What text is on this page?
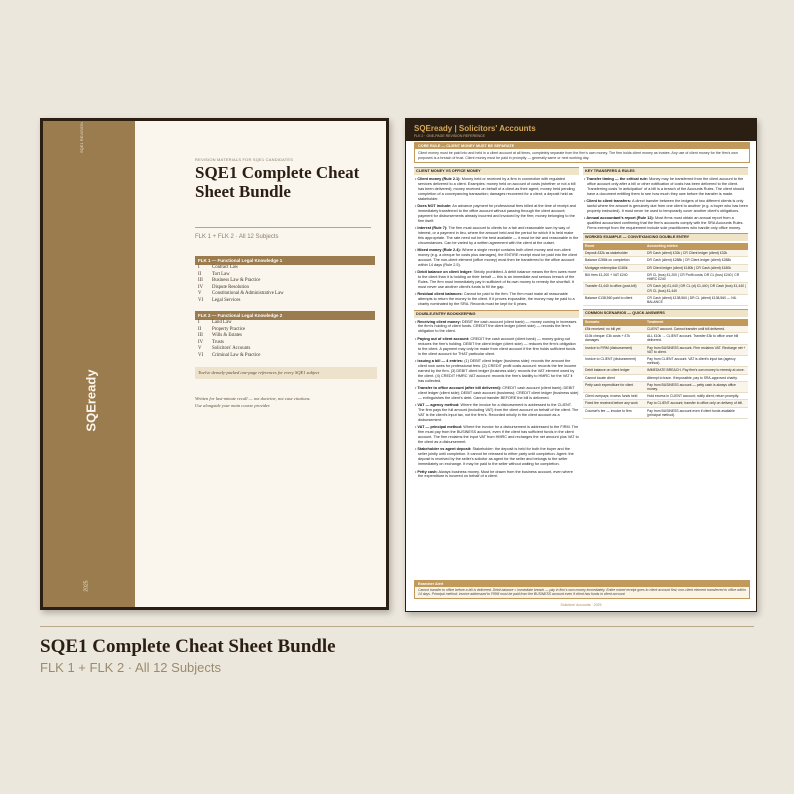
SQE1 REVISION
SQEready
2025
REVISION MATERIALS FOR SQE1 CANDIDATES
SQE1 Complete Cheat Sheet Bundle
FLK 1 + FLK 2 · All 12 Subjects
FLK 1 — Functional Legal Knowledge 1
I	Contract Law
II	Tort Law
III	Business Law & Practice
IV	Dispute Resolution
V	Constitutional & Administrative Law
VI	Legal Services
FLK 2 — Functional Legal Knowledge 2
I	Land Law
II	Property Practice
III	Wills & Estates
IV	Trusts
V	Solicitors' Accounts
VI	Criminal Law & Practice
Twelve densely-packed one-page references for every SQE1 subject
Written for last-minute recall — not doctrine, not case citations.
Use alongside your main course provider.
SQEready | Solicitors' Accounts
FLK 2 · ONE-PAGE REVISION REFERENCE
CORE RULE — CLIENT MONEY MUST BE SEPARATE
Client money must be paid into and held in a client account at all times, completely separate from the firm's own money. The firm holds client money as trustee. Any use of client money for the firm's own purposes is a breach of trust. Client money must be paid in promptly — generally same or next working day.
CLIENT MONEY VS OFFICE MONEY
• Client money (Rule 2.1): Money held or received by a firm in connection with regulated services delivered to a client. Examples: money held on account of costs (whether or not a bill has been delivered); money received on behalf of a client as their agent; money held pending completion of a conveyancing transaction; damages recovered for a client; a deposit held as stakeholder.
• Does NOT include: An advance payment for professional fees billed at the time of receipt and immediately transferred to the office account without passing through the client account; payment for disbursements already incurred and invoiced by the firm; money belonging to the firm itself.
• Interest (Rule 7): The firm must account to clients for a fair and reasonable sum by way of interest, or a payment in lieu, where the amount held and the period for which it is held make this appropriate. The rate need not be the best available — it must be fair and reasonable in the circumstances. Can be varied by a written agreement with the client at the outset.
• Mixed money (Rule 2.4): Where a single receipt contains both client money and non-client money (e.g. a cheque for costs plus damages), the ENTIRE receipt must be paid into the client account. The non-client element (office money) must then be transferred to the office account within 14 days (Rule 2.5).
• Debit balance on client ledger: Strictly prohibited. A debit balance means the firm owes more to the client than it is holding on their behalf — this is an immediate and serious breach of the Rules. The firm must immediately pay in sufficient of its own money to remedy the shortfall. It must never use another client's funds to fill the gap.
• Residual client balances: Cannot be paid to the firm. The firm must make all reasonable attempts to return the money to the client. If it proves impossible, the money may be paid to a charity nominated by the SRA. Records must be kept for 6 years.
DOUBLE-ENTRY BOOKKEEPING
• Receiving client money: DEBIT the cash account (client bank) — money coming in increases the firm's holding of client funds. CREDIT the client ledger (client side) — records the firm's obligation to the client.
• Paying out of client account: CREDIT the cash account (client bank) — money going out reduces the firm's holding. DEBIT the client ledger (client side) — reduces the firm's obligation to the client. A payment may only be made from client account if the firm holds sufficient funds in the client account for THAT particular client.
• Issuing a bill — 4 entries: (1) DEBIT client ledger (business side): records the amount the client now owes for professional fees. (2) CREDIT profit costs account: records the fee income earned by the firm. (3) DEBIT client ledger (business side): records the VAT element owed by the client. (4) CREDIT HMRC VAT account: records the firm's liability to HMRC for the VAT it has collected.
• Transfer to office account (after bill delivered): CREDIT cash account (client bank); DEBIT client ledger (client side); DEBIT cash account (business); CREDIT client ledger (business side) — extinguishes the client's debt. Cannot transfer BEFORE the bill is delivered.
• VAT — agency method: Where the invoice for a disbursement is addressed to the CLIENT. The firm pays the full amount (including VAT) from the client account on behalf of the client. The VAT is the client's input tax, not the firm's. Recorded wholly in the client account as a disbursement.
• VAT — principal method: Where the invoice for a disbursement is addressed to the FIRM. The firm must pay from the BUSINESS account, even if the client has sufficient funds in the client account. The firm reclaims the input VAT from HMRC and recharges the net amount plus VAT to the client as a disbursement.
• Stakeholder vs agent deposit: Stakeholder: the deposit is held for both the buyer and the seller jointly until completion. It cannot be released to either party until completion. Agent: the deposit is received by the seller's solicitor as agent for the seller and belongs to the seller immediately on exchange. It may be paid to the seller without waiting for completion.
• Petty cash: Always business money. Must be drawn from the business account, even where the expenditure is incurred on behalf of a client.
KEY TRANSFERS & RULES
• Transfer timing — the critical rule: Money may be transferred from the client account to the office account only after a bill or other notification of costs has been delivered to the client. Transferring costs 'in anticipation' of a bill is a breach of the Accounts Rules. The client should have a document entitling them to see how much they owe before the transfer is made.
• Client to client transfers: A direct transfer between the ledgers of two different clients is only lawful where the amount is genuinely due from one client to another (e.g. a buyer who has been properly instructed). It must never be used to temporarily cover another client's obligations.
• Annual accountant's report (Rule 12): Most firms must obtain an annual report from a qualified accountant confirming that the firm's accounts comply with the SRA Accounts Rules. Firms exempt from the requirement include sole practitioners who handle only office money.
WORKED EXAMPLE — CONVEYANCING DOUBLE ENTRY
Event	Accounting entries
Deposit £32k as stakeholder	DR Cash (client) £32k | CR Client ledger (client) £32k
Balance £288k on completion	DR Cash (client) £288k | CR Client ledger (client) £288k
Mortgage redemption £180k	DR Client ledger (client) £180k | CR Cash (client) £180k
Bill: fees £1,200 + VAT £240	DR CL (bus) £1,200 | CR Profit costs; DR CL (bus) £240 | CR HMRC £240
Transfer £1,440 to office (post-bill)	CR Cash (cl) £1,440 | DR CL (cl) £1,440 | DR Cash (bus) £1,440 | CR CL (bus) £1,440
Balance £138,560 paid to client	CR Cash (client) £138,560 | DR CL (client) £138,560 — NIL BALANCE
COMMON SCENARIOS — QUICK ANSWERS
Scenario	Treatment
£5k received; no bill yet	CLIENT account. Cannot transfer until bill delivered.
£10k cheque: £3k costs + £7k damages	ALL £10k → CLIENT account. Transfer £3k to office once bill delivered.
Invoice to FIRM (disbursement)	Pay from BUSINESS account. Firm reclaims VAT. Recharge net + VAT to client.
Invoice to CLIENT (disbursement)	Pay from CLIENT account. VAT is client's input tax (agency method).
Debit balance on client ledger	IMMEDIATE BREACH. Pay firm's own money to remedy at once.
Cannot locate client	Attempt to trace. If impossible, pay to SRA-approved charity.
Petty cash expenditure for client	Pay from BUSINESS account — petty cash is always office money.
Client overpays; excess funds held	Hold excess in CLIENT account; notify client; return promptly.
Fixed fee received before any work	Pay to CLIENT account; transfer to office only on delivery of bill.
Counsel's fee — invoice to firm	Pay from BUSINESS account even if client funds available (principal method).
Examiner Alert
Cannot transfer to office before a bill is delivered. Debit balance = immediate breach — pay in firm's own money immediately. Entire mixed receipt goes to client account first; non-client element transferred to office within 14 days. Principal method: invoice addressed to FIRM must be paid from the BUSINESS account even if client has funds in client account.
Solicitors' Accounts · 2025
SQE1 Complete Cheat Sheet Bundle
FLK 1 + FLK 2 · All 12 Subjects
